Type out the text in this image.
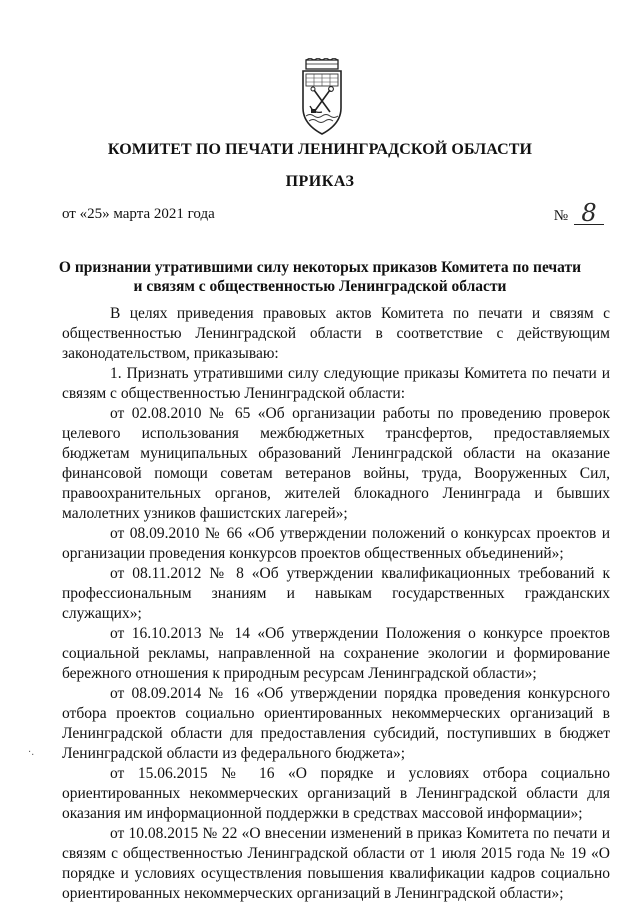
КОМИТЕТ ПО ПЕЧАТИ ЛЕНИНГРАДСКОЙ ОБЛАСТИ
ПРИКАЗ
от «25» марта 2021 года	№ 8
О признании утратившими силу некоторых приказов Комитета по печати
и связям с общественностью Ленинградской области

В целях приведения правовых актов Комитета по печати и связям с общественностью Ленинградской области в соответствие с действующим законодательством, приказываю:

1. Признать утратившими силу следующие приказы Комитета по печати и связям с общественностью Ленинградской области:

от 02.08.2010 № 65 «Об организации работы по проведению проверок целевого использования межбюджетных трансфертов, предоставляемых бюджетам муниципальных образований Ленинградской области на оказание финансовой помощи советам ветеранов войны, труда, Вооруженных Сил, правоохранительных органов, жителей блокадного Ленинграда и бывших малолетних узников фашистских лагерей»;

от 08.09.2010 № 66 «Об утверждении положений о конкурсах проектов и организации проведения конкурсов проектов общественных объединений»;

от 08.11.2012 № 8 «Об утверждении квалификационных требований к профессиональным знаниям и навыкам государственных гражданских служащих»;

от 16.10.2013 № 14 «Об утверждении Положения о конкурсе проектов социальной рекламы, направленной на сохранение экологии и формирование бережного отношения к природным ресурсам Ленинградской области»;

от 08.09.2014 № 16 «Об утверждении порядка проведения конкурсного отбора проектов социально ориентированных некоммерческих организаций в Ленинградской области для предоставления субсидий, поступивших в бюджет Ленинградской области из федерального бюджета»;

от 15.06.2015 № 16 «О порядке и условиях отбора социально ориентированных некоммерческих организаций в Ленинградской области для оказания им информационной поддержки в средствах массовой информации»;

от 10.08.2015 № 22 «О внесении изменений в приказ Комитета по печати и связям с общественностью Ленинградской области от 1 июля 2015 года № 19 «О порядке и условиях осуществления повышения квалификации кадров социально ориентированных некоммерческих организаций в Ленинградской области»;

·.
